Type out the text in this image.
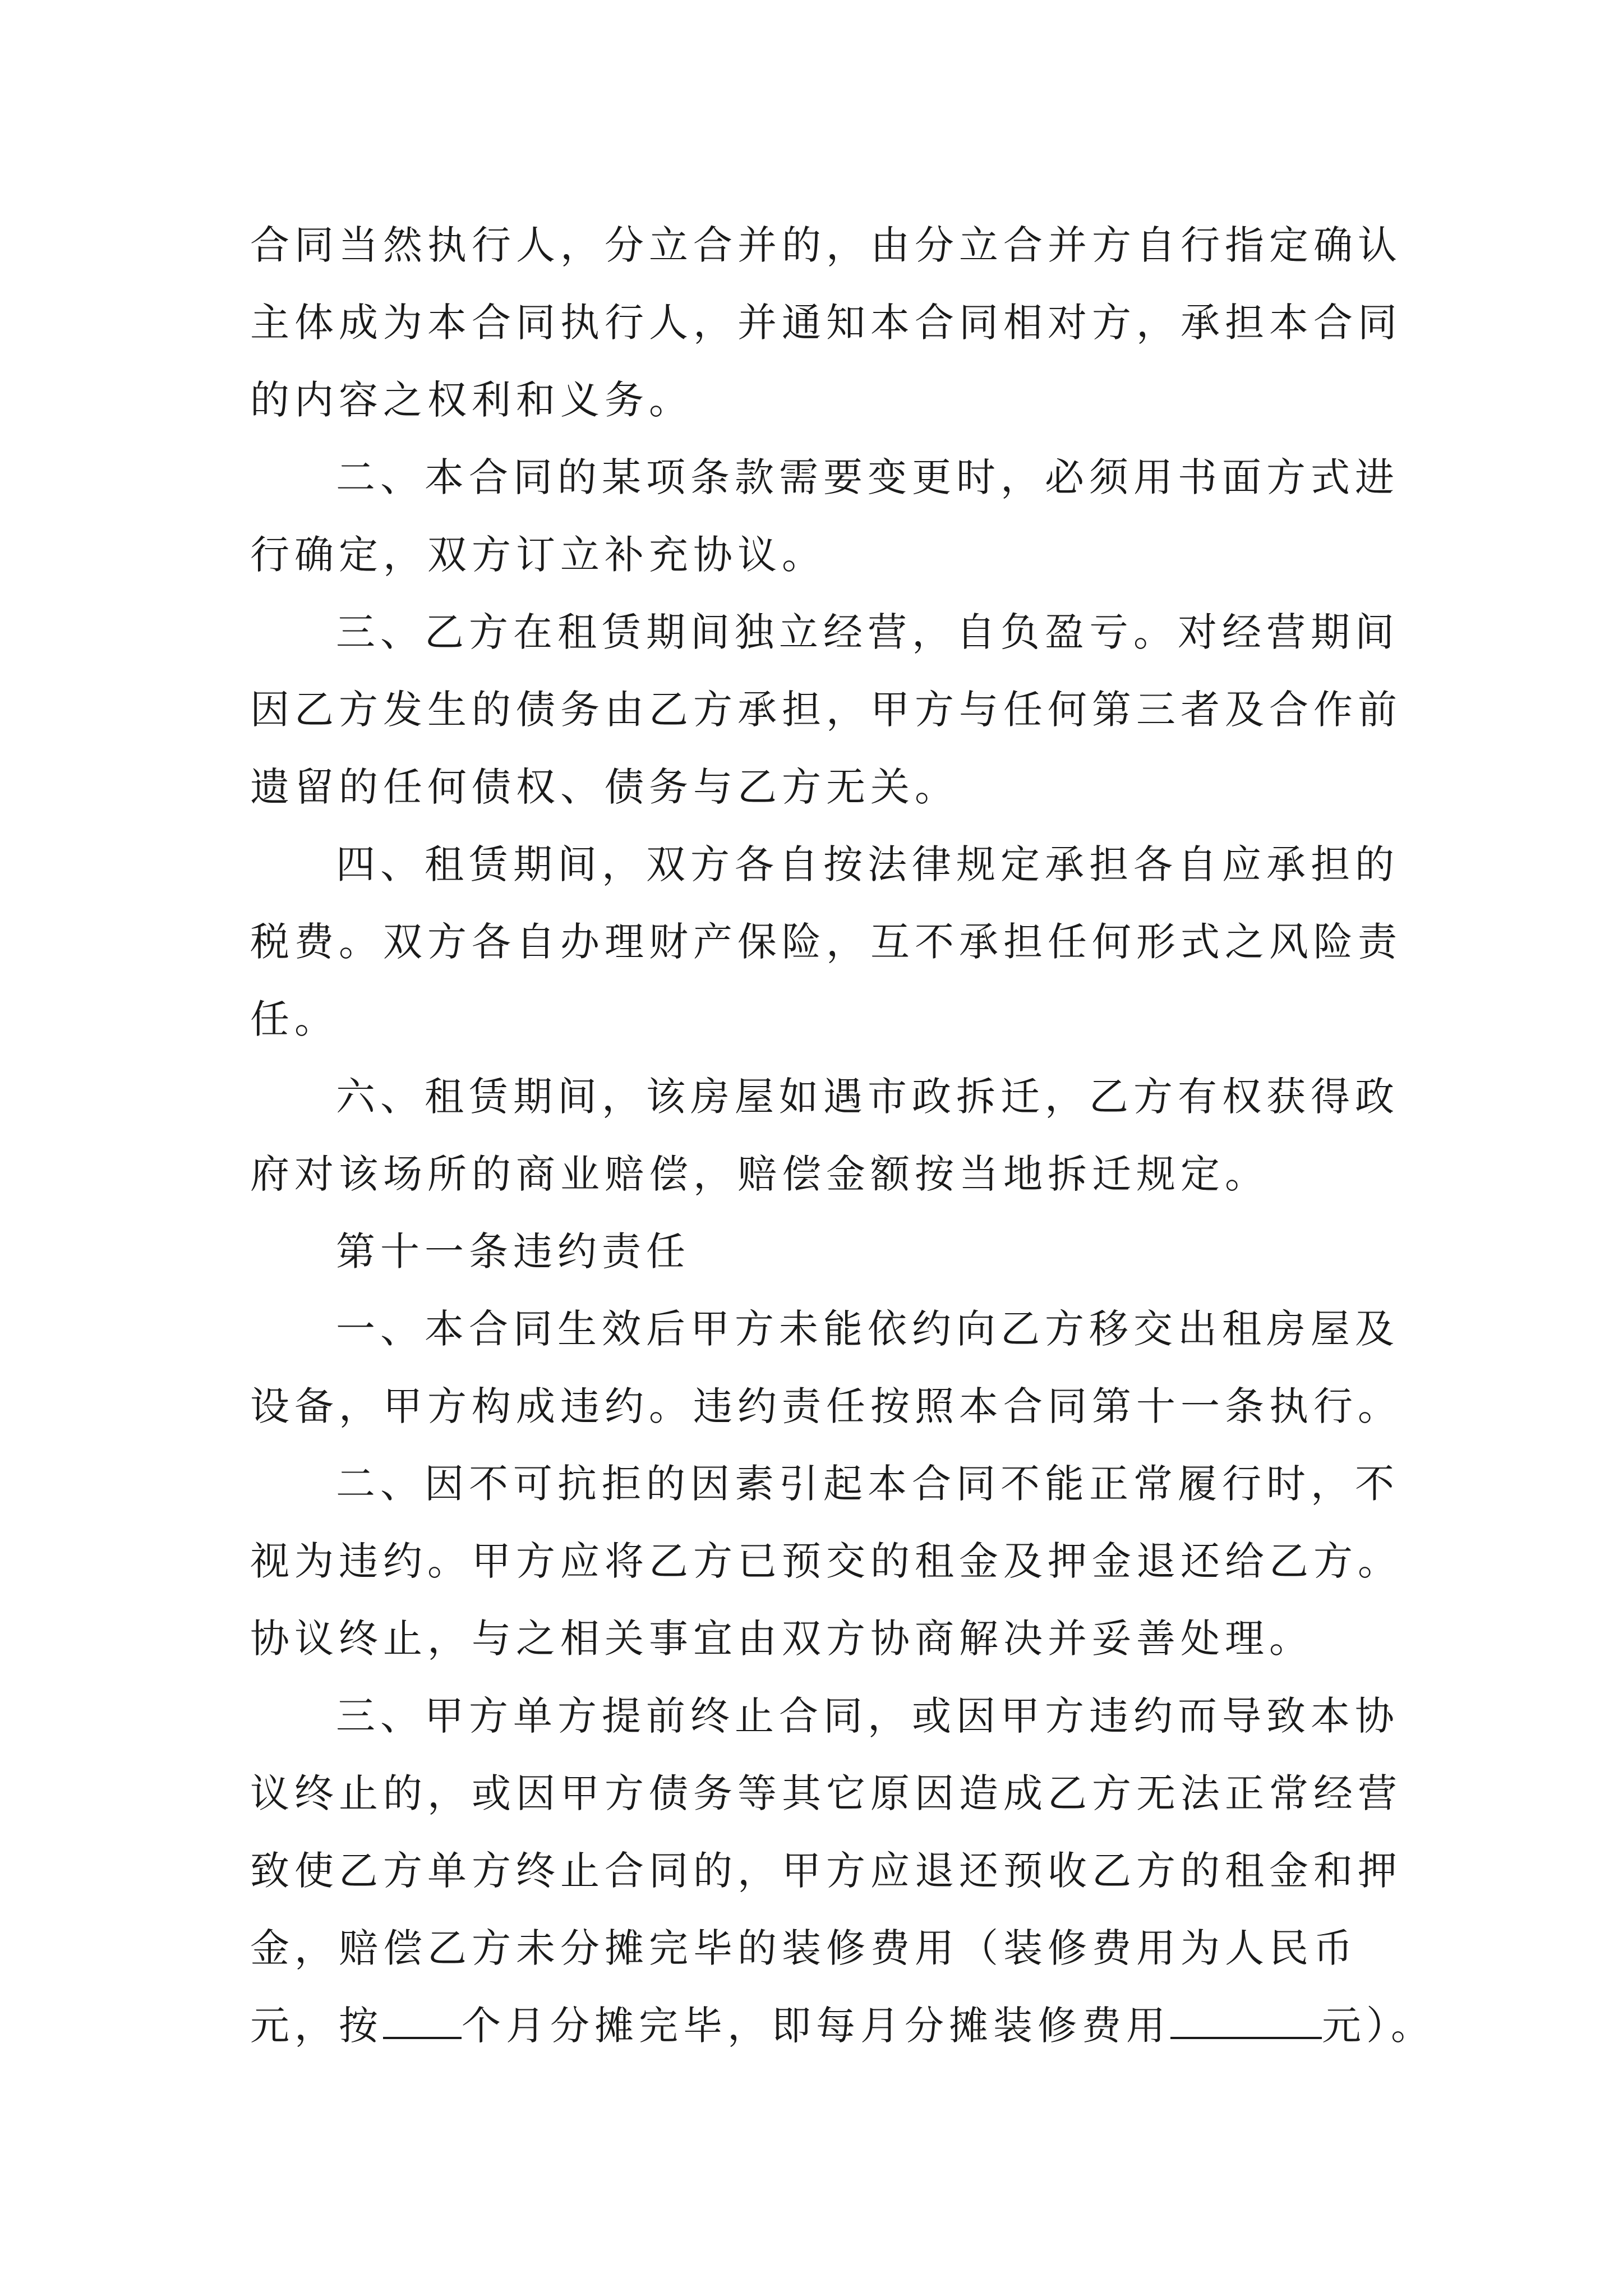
合同当然执行人，分立合并的，由分立合并方自行指定确认
主体成为本合同执行人，并通知本合同相对方，承担本合同
的内容之权利和义务。
二、本合同的某项条款需要变更时，必须用书面方式进
行确定，双方订立补充协议。
三、乙方在租赁期间独立经营，自负盈亏。对经营期间
因乙方发生的债务由乙方承担，甲方与任何第三者及合作前
遗留的任何债权、债务与乙方无关。
四、租赁期间，双方各自按法律规定承担各自应承担的
税费。双方各自办理财产保险，互不承担任何形式之风险责
任。
六、租赁期间，该房屋如遇市政拆迁，乙方有权获得政
府对该场所的商业赔偿，赔偿金额按当地拆迁规定。
第十一条违约责任
一、本合同生效后甲方未能依约向乙方移交出租房屋及
设备，甲方构成违约。违约责任按照本合同第十一条执行。
二、因不可抗拒的因素引起本合同不能正常履行时，不
视为违约。甲方应将乙方已预交的租金及押金退还给乙方。
协议终止，与之相关事宜由双方协商解决并妥善处理。
三、甲方单方提前终止合同，或因甲方违约而导致本协
议终止的，或因甲方债务等其它原因造成乙方无法正常经营
致使乙方单方终止合同的，甲方应退还预收乙方的租金和押
金，赔偿乙方未分摊完毕的装修费用（装修费用为人民币
元，按 个月分摊完毕，即每月分摊装修费用	元）。
